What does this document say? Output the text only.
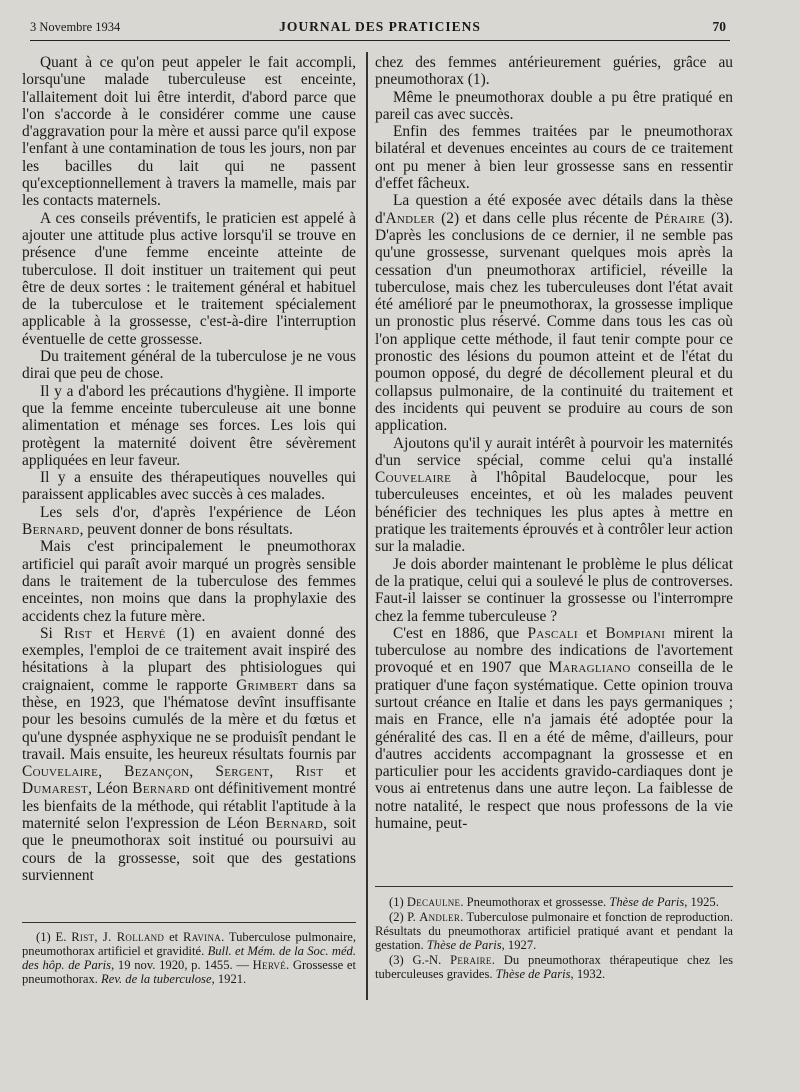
3 Novembre 1934	JOURNAL DES PRATICIENS	70

Quant à ce qu'on peut appeler le fait accompli, lorsqu'une malade tuberculeuse est enceinte, l'allaitement doit lui être interdit, d'abord parce que l'on s'accorde à le considérer comme une cause d'aggravation pour la mère et aussi parce qu'il expose l'enfant à une contamination de tous les jours, non par les bacilles du lait qui ne passent qu'exceptionnellement à travers la mamelle, mais par les contacts maternels.

A ces conseils préventifs, le praticien est appelé à ajouter une attitude plus active lorsqu'il se trouve en présence d'une femme enceinte atteinte de tuberculose. Il doit instituer un traitement qui peut être de deux sortes : le traitement général et habituel de la tuberculose et le traitement spécialement applicable à la grossesse, c'est-à-dire l'interruption éventuelle de cette grossesse.

Du traitement général de la tuberculose je ne vous dirai que peu de chose.

Il y a d'abord les précautions d'hygiène. Il importe que la femme enceinte tuberculeuse ait une bonne alimentation et ménage ses forces. Les lois qui protègent la maternité doivent être sévèrement appliquées en leur faveur.

Il y a ensuite des thérapeutiques nouvelles qui paraissent applicables avec succès à ces malades.

Les sels d'or, d'après l'expérience de Léon Bernard, peuvent donner de bons résultats.

Mais c'est principalement le pneumothorax artificiel qui paraît avoir marqué un progrès sensible dans le traitement de la tuberculose des femmes enceintes, non moins que dans la prophylaxie des accidents chez la future mère.

Si Rist et Hervé (1) en avaient donné des exemples, l'emploi de ce traitement avait inspiré des hésitations à la plupart des phtisiologues qui craignaient, comme le rapporte Grimbert dans sa thèse, en 1923, que l'hématose devînt insuffisante pour les besoins cumulés de la mère et du fœtus et qu'une dyspnée asphyxique ne se produisît pendant le travail. Mais ensuite, les heureux résultats fournis par Couvelaire, Bezançon, Sergent, Rist et Dumarest, Léon Bernard ont définitivement montré les bienfaits de la méthode, qui rétablit l'aptitude à la maternité selon l'expression de Léon Bernard, soit que le pneumothorax soit institué ou poursuivi au cours de la grossesse, soit que des gestations surviennent

chez des femmes antérieurement guéries, grâce au pneumothorax (1).

Même le pneumothorax double a pu être pratiqué en pareil cas avec succès.

Enfin des femmes traitées par le pneumothorax bilatéral et devenues enceintes au cours de ce traitement ont pu mener à bien leur grossesse sans en ressentir d'effet fâcheux.

La question a été exposée avec détails dans la thèse d'Andler (2) et dans celle plus récente de Péraire (3). D'après les conclusions de ce dernier, il ne semble pas qu'une grossesse, survenant quelques mois après la cessation d'un pneumothorax artificiel, réveille la tuberculose, mais chez les tuberculeuses dont l'état avait été amélioré par le pneumothorax, la grossesse implique un pronostic plus réservé. Comme dans tous les cas où l'on applique cette méthode, il faut tenir compte pour ce pronostic des lésions du poumon atteint et de l'état du poumon opposé, du degré de décollement pleural et du collapsus pulmonaire, de la continuité du traitement et des incidents qui peuvent se produire au cours de son application.

Ajoutons qu'il y aurait intérêt à pourvoir les maternités d'un service spécial, comme celui qu'a installé Couvelaire à l'hôpital Baudelocque, pour les tuberculeuses enceintes, et où les malades peuvent bénéficier des techniques les plus aptes à mettre en pratique les traitements éprouvés et à contrôler leur action sur la maladie.

Je dois aborder maintenant le problème le plus délicat de la pratique, celui qui a soulevé le plus de controverses. Faut-il laisser se continuer la grossesse ou l'interrompre chez la femme tuberculeuse ?

C'est en 1886, que Pascali et Bompiani mirent la tuberculose au nombre des indications de l'avortement provoqué et en 1907 que Maragliano conseilla de le pratiquer d'une façon systématique. Cette opinion trouva surtout créance en Italie et dans les pays germaniques ; mais en France, elle n'a jamais été adoptée pour la généralité des cas. Il en a été de même, d'ailleurs, pour d'autres accidents accompagnant la grossesse et en particulier pour les accidents gravido-cardiaques dont je vous ai entretenus dans une autre leçon. La faiblesse de notre natalité, le respect que nous professons de la vie humaine, peut-

(1) E. Rist, J. Rolland et Ravina. Tuberculose pulmonaire, pneumothorax artificiel et gravidité. Bull. et Mém. de la Soc. méd. des hôp. de Paris, 19 nov. 1920, p. 1455. — Hervé. Grossesse et pneumothorax. Rev. de la tuberculose, 1921.

(1) Decaulne. Pneumothorax et grossesse. Thèse de Paris, 1925.

(2) P. Andler. Tuberculose pulmonaire et fonction de reproduction. Résultats du pneumothorax artificiel pratiqué avant et pendant la gestation. Thèse de Paris, 1927.

(3) G.-N. Peraire. Du pneumothorax thérapeutique chez les tuberculeuses gravides. Thèse de Paris, 1932.
